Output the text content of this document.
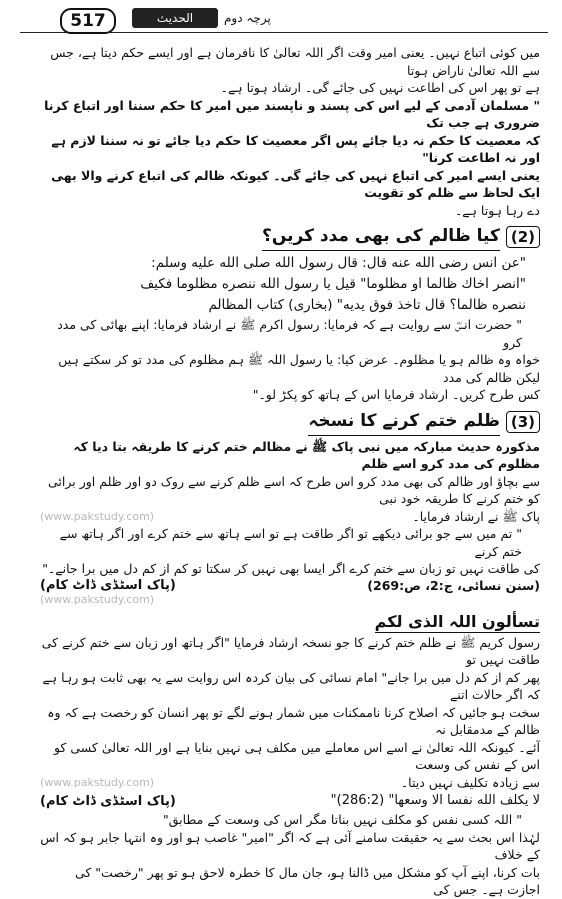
517	الحديث	پرچہ دوم

میں کوئی اتباع نہیں۔ یعنی امیر وقت اگر اللہ تعالیٰ کا نافرمان ہے اور ایسے حکم دیتا ہے، جس سے اللہ تعالیٰ ناراض ہوتا

ہے تو پھر اس کی اطاعت نہیں کی جائے گی۔ ارشاد ہوتا ہے۔

" مسلمان آدمی کے لیے اس کی پسند و ناپسند میں امیر کا حکم سننا اور اتباع کرنا ضروری ہے جب تک

کہ معصیت کا حکم نہ دیا جائے پس اگر معصیت کا حکم دیا جائے تو نہ سننا لازم ہے اور نہ اطاعت کرنا"

یعنی ایسے امیر کی اتباع نہیں کی جائے گی۔ کیونکہ ظالم کی اتباع کرنے والا بھی ایک لحاظ سے ظلم کو تقویت

دے رہا ہوتا ہے۔

(2)
کیا ظالم کی بھی مدد کریں؟

"عن انس رضی الله عنه قال: قال رسول الله صلی الله علیه وسلم:

"انصر اخاك ظالما او مظلوما" قیل یا رسول الله ننصره مظلوما فکیف

ننصره ظالما؟ قال تاخذ فوق یدیه" (بخاری) کتاب المظالم

" حضرت انسؓ سے روایت ہے کہ فرمایا: رسول اکرم ﷺ نے ارشاد فرمایا: اپنے بھائی کی مدد کرو

خواہ وہ ظالم ہو یا مظلوم۔ عرض کیا: یا رسول اللہ ﷺ ہم مظلوم کی مدد تو کر سکتے ہیں لیکن ظالم کی مدد

کس طرح کریں۔ ارشاد فرمایا اس کے ہاتھ کو پکڑ لو۔"

(3)
ظلم ختم کرنے کا نسخہ

مذکورہ حدیث مبارکہ میں نبی پاک ﷺ نے مظالم ختم کرنے کا طریقہ بتا دیا کہ مظلوم کی مدد کرو اسے ظلم

سے بچاؤ اور ظالم کی بھی مدد کرو اس طرح کہ اسے ظلم کرنے سے روک دو اور ظلم اور برائی کو ختم کرنے کا طریقہ خود نبی

(www.pakstudy.com)	پاک ﷺ نے ارشاد فرمایا۔

" تم میں سے جو برائی دیکھے تو اگر طاقت ہے تو اسے ہاتھ سے ختم کرے اور اگر ہاتھ سے ختم کرنے

کی طاقت نہیں تو زبان سے ختم کرے اگر ایسا بھی نہیں کر سکتا تو کم از کم دل میں برا جانے۔"

(پاک اسٹڈی ڈاٹ کام)	(سنن نسائی، ج:2، ص:269)
(www.pakstudy.com)
تسألون اللہ الذی لکم

رسول کریم ﷺ نے ظلم ختم کرنے کا جو نسخہ ارشاد فرمایا "اگر ہاتھ اور زبان سے ختم کرنے کی طاقت نہیں تو

پھر کم از کم دل میں برا جانے" امام نسائی کی بیان کردہ اس روایت سے یہ بھی ثابت ہو رہا ہے کہ اگر حالات اتنے

سخت ہو جائیں کہ اصلاح کرنا ناممکنات میں شمار ہونے لگے تو پھر انسان کو رخصت ہے کہ وہ ظالم کے مدمقابل نہ

آئے۔ کیونکہ اللہ تعالیٰ نے اسے اس معاملے میں مکلف ہی نہیں بنایا ہے اور اللہ تعالیٰ کسی کو اس کے نفس کی وسعت

(www.pakstudy.com)	سے زیادہ تکلیف نہیں دیتا۔
(پاک اسٹڈی ڈاٹ کام)	"لا یکلف الله نفسا الا وسعها" (286:2)

" اللہ کسی نفس کو مکلف نہیں بناتا مگر اس کی وسعت کے مطابق"

لہٰذا اس بحث سے یہ حقیقت سامنے آئی ہے کہ اگر "امیر" غاصب ہو اور وہ انتہا جابر ہو کہ اس کے خلاف

بات کرنا، اپنے آپ کو مشکل میں ڈالنا ہو، جان مال کا خطرہ لاحق ہو تو پھر "رخصت" کی اجازت ہے۔ جس کی
